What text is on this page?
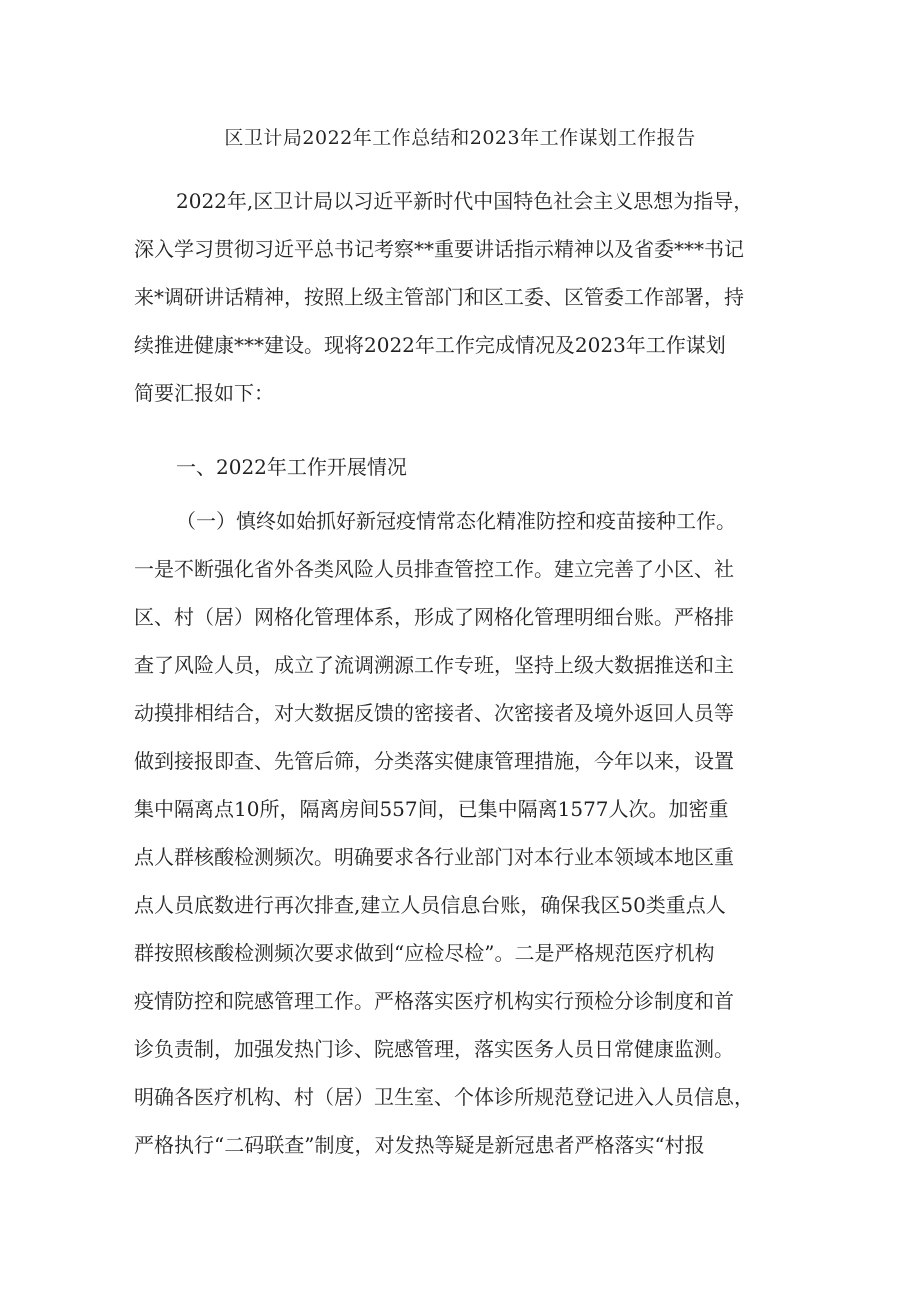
区卫计局2022年工作总结和2023年工作谋划工作报告
2022年,区卫计局以习近平新时代中国特色社会主义思想为指导，
深入学习贯彻习近平总书记考察**重要讲话指示精神以及省委***书记
来*调研讲话精神，按照上级主管部门和区工委、区管委工作部署，持
续推进健康***建设。现将2022年工作完成情况及2023年工作谋划
简要汇报如下：
一、2022年工作开展情况
（一）慎终如始抓好新冠疫情常态化精准防控和疫苗接种工作。
一是不断强化省外各类风险人员排查管控工作。建立完善了小区、社
区、村（居）网格化管理体系，形成了网格化管理明细台账。严格排
查了风险人员，成立了流调溯源工作专班，坚持上级大数据推送和主
动摸排相结合，对大数据反馈的密接者、次密接者及境外返回人员等
做到接报即查、先管后筛，分类落实健康管理措施，今年以来，设置
集中隔离点10所，隔离房间557间，已集中隔离1577人次。加密重
点人群核酸检测频次。明确要求各行业部门对本行业本领域本地区重
点人员底数进行再次排查,建立人员信息台账，确保我区50类重点人
群按照核酸检测频次要求做到“应检尽检”。二是严格规范医疗机构
疫情防控和院感管理工作。严格落实医疗机构实行预检分诊制度和首
诊负责制，加强发热门诊、院感管理，落实医务人员日常健康监测。
明确各医疗机构、村（居）卫生室、个体诊所规范登记进入人员信息，
严格执行“二码联查”制度，对发热等疑是新冠患者严格落实“村报
